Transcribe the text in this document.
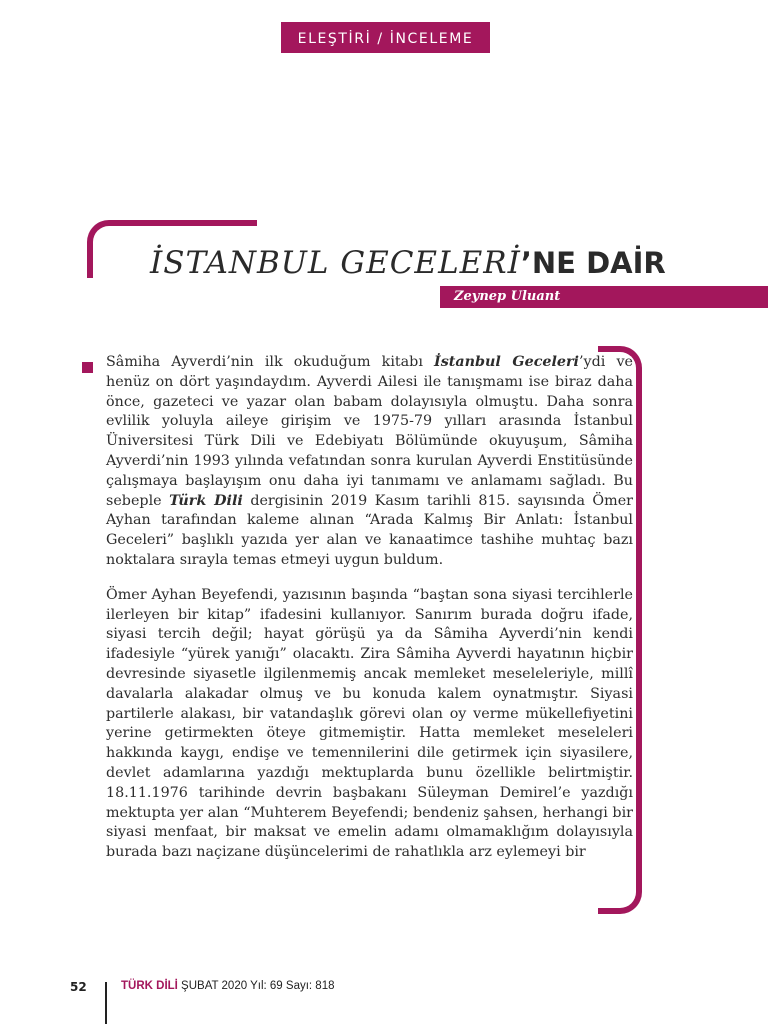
ELEŞTİRİ / İNCELEME
İSTANBUL GECELERİ’NE DAİR
Zeynep Uluant

Sâmiha Ayverdi’nin ilk okuduğum kitabı İstanbul Geceleri’ydi ve henüz on dört yaşındaydım. Ayverdi Ailesi ile tanışmamı ise biraz daha önce, gazeteci ve yazar olan babam dolayısıyla olmuştu. Daha sonra evlilik yoluyla aileye girişim ve 1975-79 yılları arasında İstanbul Üniversitesi Türk Dili ve Edebiyatı Bölümünde okuyuşum, Sâmiha Ayverdi’nin 1993 yılında vefatından sonra kurulan Ayverdi Enstitüsünde çalışmaya başlayışım onu daha iyi tanımamı ve anlamamı sağladı. Bu sebeple Türk Dili dergisinin 2019 Kasım tarihli 815. sayısında Ömer Ayhan tarafından kaleme alınan “Arada Kalmış Bir Anlatı: İstanbul Geceleri” başlıklı yazıda yer alan ve kanaatimce tashihe muhtaç bazı noktalara sırayla temas etmeyi uygun buldum.

Ömer Ayhan Beyefendi, yazısının başında “baştan sona siyasi tercihlerle ilerleyen bir kitap” ifadesini kullanıyor. Sanırım burada doğru ifade, siyasi tercih değil; hayat görüşü ya da Sâmiha Ayverdi’nin kendi ifadesiyle “yürek yanığı” olacaktı. Zira Sâmiha Ayverdi hayatının hiçbir devresinde siyasetle ilgilenmemiş ancak memleket meseleleriyle, millî davalarla alakadar olmuş ve bu konuda kalem oynatmıştır. Siyasi partilerle alakası, bir vatandaşlık görevi olan oy verme mükellefiyetini yerine getirmekten öteye gitmemiştir. Hatta memleket meseleleri hakkında kaygı, endişe ve temennilerini dile getirmek için siyasilere, devlet adamlarına yazdığı mektuplarda bunu özellikle belirtmiştir. 18.11.1976 tarihinde devrin başbakanı Süleyman Demirel’e yazdığı mektupta yer alan “Muhterem Beyefendi; bendeniz şahsen, herhangi bir siyasi menfaat, bir maksat ve emelin adamı olmamaklığım dolayısıyla burada bazı naçizane düşüncelerimi de rahatlıkla arz eylemeyi bir

52	TÜRK DİLİ ŞUBAT 2020 Yıl: 69 Sayı: 818
